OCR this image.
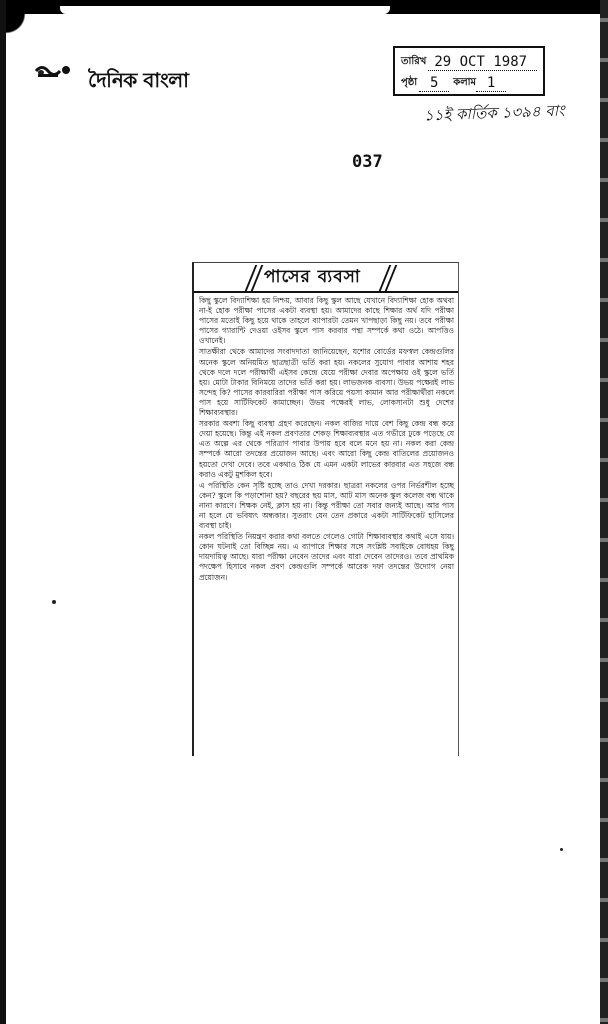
দৈনিক বাংলা
তারিখ 29 OCT 1987
পৃষ্ঠা 5	কলাম 1
১১ই কার্তিক ১৩৯৪ বাং
037
পাসের ব্যবসা

কিছু স্কুলে বিদ্যাশিক্ষা হয় নিশ্চয়, আবার কিছু স্কুল আছে যেখানে বিদ্যাশিক্ষা হোক অথবা না-ই হোক পরীক্ষা পাসের একটা ব্যবস্থা হয়। আমাদের কাছে শিক্ষার অর্থ যদি পরীক্ষা পাসের মতোই কিছু হয়ে থাকে তাহলে ব্যাপারটা তেমন খাপছাড়া কিছু নয়। তবে পরীক্ষা পাসের গ্যারান্টি দেওয়া ওইসব স্কুলে পাস করবার পন্থা সম্পর্কে কথা ওঠে। আপত্তিও ওখানেই।

সাতক্ষীরা থেকে আমাদের সংবাদদাতা জানিয়েছেন, যশোর বোর্ডের মফস্বল কেন্দ্রগুলির অনেক স্কুলে অনিয়মিত ছাত্রছাত্রী ভর্তি করা হয়। নকলের সুযোগ পাবার আশায় শহর থেকে দলে দলে পরীক্ষার্থী এইসব কেন্দ্রে যেয়ে পরীক্ষা দেবার অপেক্ষায় ওই স্কুলে ভর্তি হয়। মোটা টাকার বিনিময়ে তাদের ভর্তি করা হয়। লাভজনক ব্যবসা। উভয় পক্ষেরই লাভ সন্দেহ কি? পাসের কারবারিরা পরীক্ষা পাস করিয়ে পয়সা কামান আর পরীক্ষার্থীরা নকলে পাস হয়ে সার্টিফিকেট কামাচ্ছেন। উভয় পক্ষেরই লাভ, লোকসানটা শুধু দেশের শিক্ষাব্যবস্থার।

সরকার অবশ্য কিছু ব্যবস্থা গ্রহণ করেছেন। নকল বাজির দায়ে বেশ কিছু কেন্দ্র বন্ধ করে দেয়া হয়েছে। কিন্তু এই নকল প্রবণতার শেকড় শিক্ষাব্যবস্থার এত গভীরে ঢুকে পড়েছে যে এত অল্পে এর থেকে পরিত্রাণ পাবার উপায় হবে বলে মনে হয় না। নকল করা কেন্দ্র সম্পর্কে আরো তদন্তের প্রয়োজন আছে। এবং আরো কিছু কেন্দ্র বাতিলের প্রয়োজনও হয়তো দেখা দেবে। তবে একথাও ঠিক যে এমন একটা লাভের কারবার এত সহজে বন্ধ করাও একটু মুশকিল হবে।

এ পরিস্থিতি কেন সৃষ্টি হচ্ছে তাও দেখা দরকার। ছাত্ররা নকলের ওপর নির্ভরশীল হচ্ছে কেন? স্কুলে কি পড়াশোনা হয়? বছরের ছয় মাস, আট মাস অনেক স্কুল কলেজ বন্ধ থাকে নানা কারণে। শিক্ষক নেই, ক্লাস হয় না। কিন্তু পরীক্ষা তো সবার জন্যই আছে। আর পাস না হলে যে ভবিষ্যৎ অন্ধকার। সুতরাং যেন তেন প্রকারে একটা সার্টিফিকেট হাসিলের ব্যবস্থা চাই।

নকল পরিস্থিতি নিয়ন্ত্রণ করার কথা বলতে গেলেও গোটা শিক্ষাব্যবস্থার কথাই এসে যায়। কোন ঘটনাই তো বিচ্ছিন্ন নয়। এ ব্যাপারে শিক্ষার সঙ্গে সংশ্লিষ্ট সবাইকে বোধহয় কিছু দায়দায়িত্ব আছে। যারা পরীক্ষা নেবেন তাদের এবং যারা দেবেন তাদেরও। তবে প্রাথমিক পদক্ষেপ হিসাবে নকল প্রবণ কেন্দ্রগুলি সম্পর্কে আরেক দফা তদন্তের উদ্যোগ নেয়া প্রয়োজন।
